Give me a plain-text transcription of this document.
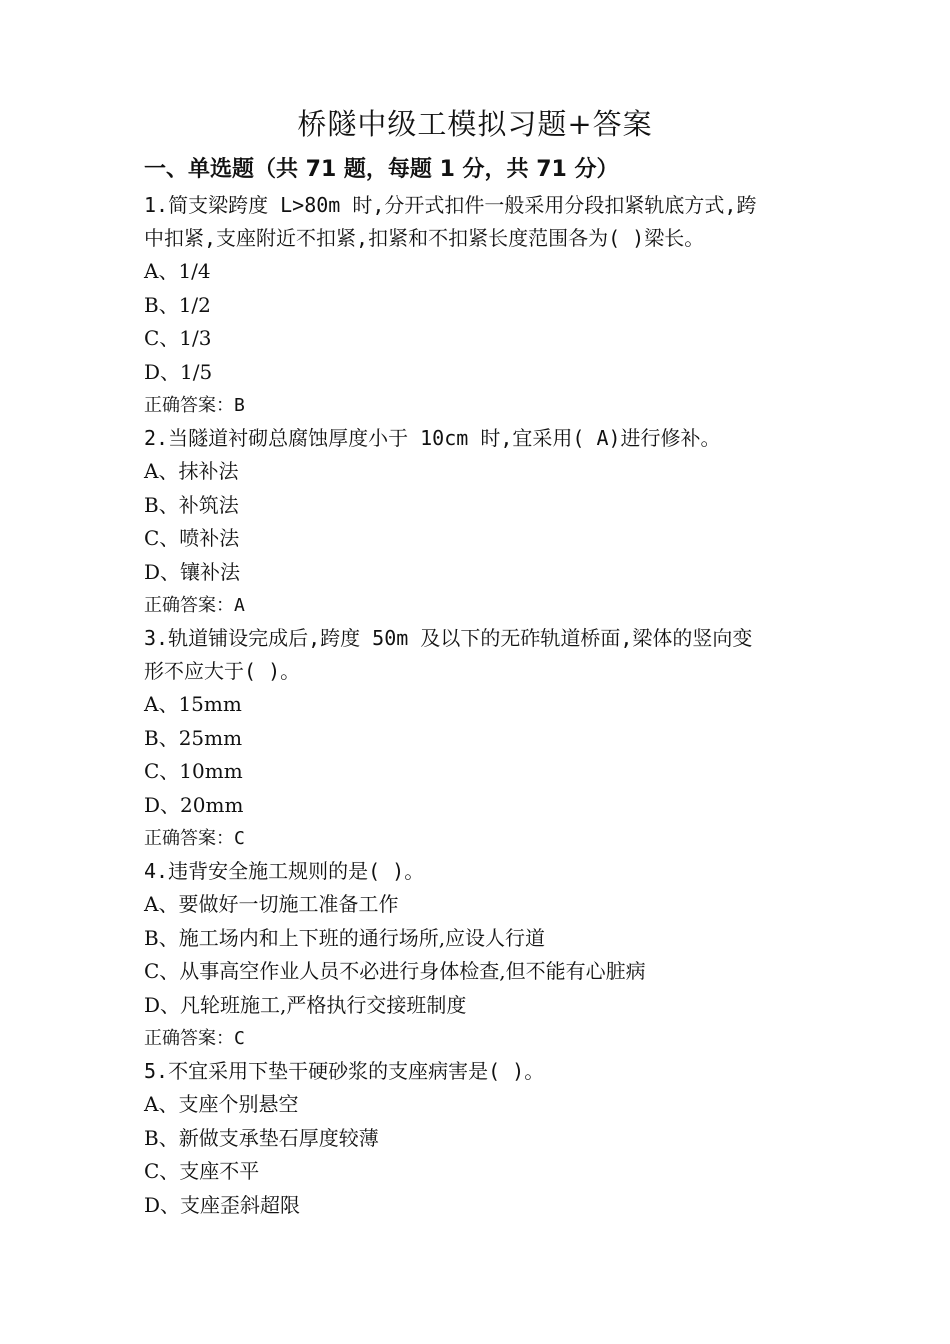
桥隧中级工模拟习题+答案
一、单选题（共 71 题，每题 1 分，共 71 分）
1.简支梁跨度 L>80m 时,分开式扣件一般采用分段扣紧轨底方式,跨
中扣紧,支座附近不扣紧,扣紧和不扣紧长度范围各为( )梁长。
A、1/4
B、1/2
C、1/3
D、1/5
正确答案：B
2.当隧道衬砌总腐蚀厚度小于 10cm 时,宜采用( A)进行修补。
A、抹补法
B、补筑法
C、喷补法
D、镶补法
正确答案：A
3.轨道铺设完成后,跨度 50m 及以下的无砟轨道桥面,梁体的竖向变
形不应大于( )。
A、15mm
B、25mm
C、10mm
D、20mm
正确答案：C
4.违背安全施工规则的是( )。
A、要做好一切施工准备工作
B、施工场内和上下班的通行场所,应设人行道
C、从事高空作业人员不必进行身体检查,但不能有心脏病
D、凡轮班施工,严格执行交接班制度
正确答案：C
5.不宜采用下垫干硬砂浆的支座病害是( )。
A、支座个别悬空
B、新做支承垫石厚度较薄
C、支座不平
D、支座歪斜超限
